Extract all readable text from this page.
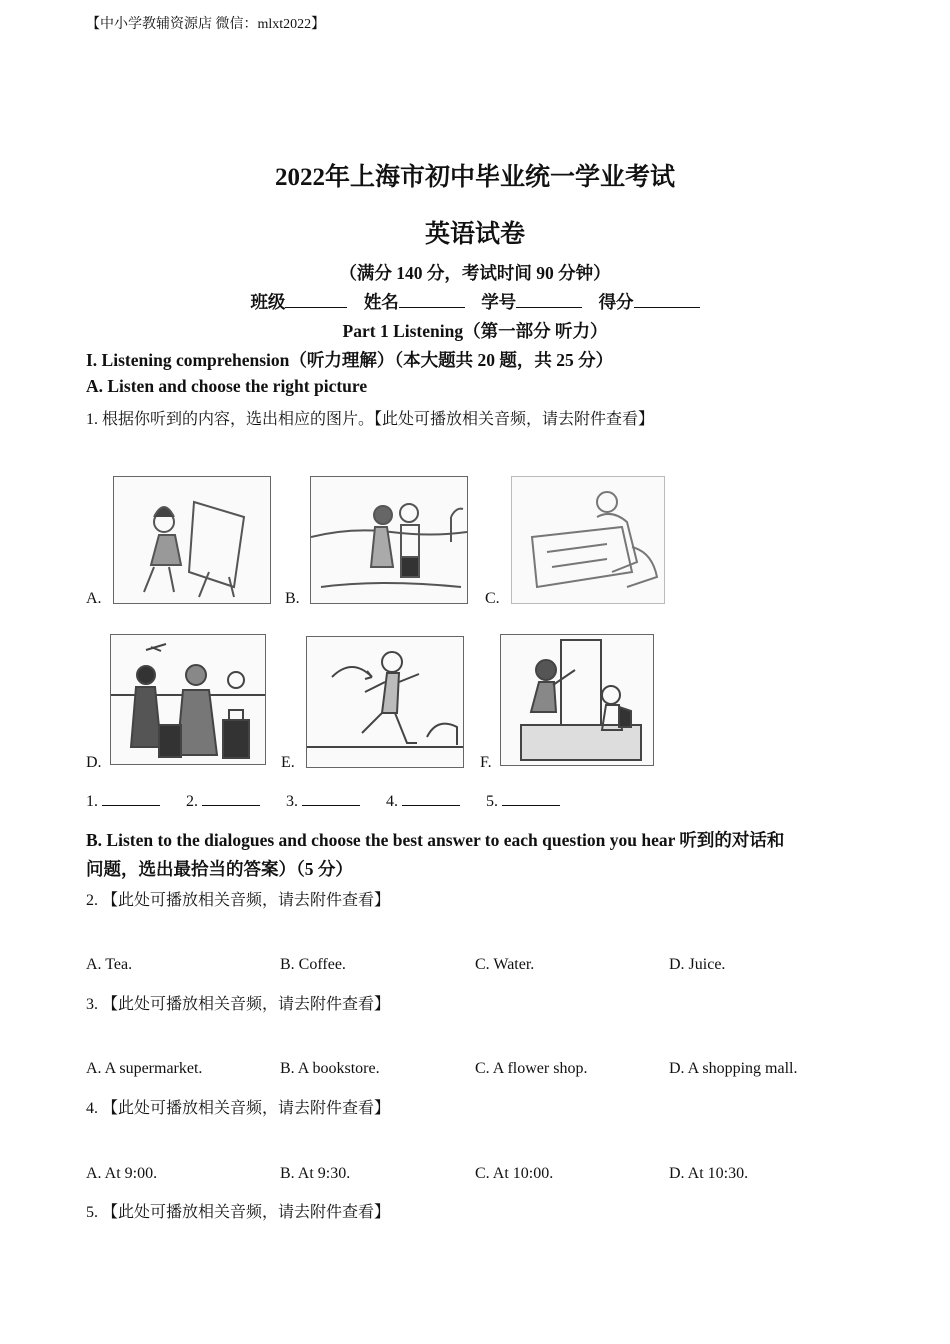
【中小学教辅资源店 微信：mlxt2022】
2022年上海市初中毕业统一学业考试
英语试卷
（满分 140 分，考试时间 90 分钟）
班级	姓名	学号	得分
Part 1 Listening（第一部分 听力）
I. Listening comprehension（听力理解）（本大题共 20 题，共 25 分）
A. Listen and choose the right picture
1. 根据你听到的内容，选出相应的图片。【此处可播放相关音频，请去附件查看】
A.	B.	C.
D.	E.	F.
1.	2.	3.	4.	5.
B. Listen to the dialogues and choose the best answer to each question you hear 听到的对话和
问题，选出最拾当的答案）（5 分）
2. 【此处可播放相关音频，请去附件查看】
A. Tea.	B. Coffee.	C. Water.	D. Juice.
3. 【此处可播放相关音频，请去附件查看】
A. A supermarket.	B. A bookstore.	C. A flower shop.	D. A shopping mall.
4. 【此处可播放相关音频，请去附件查看】
A. At 9:00.	B. At 9:30.	C. At 10:00.	D. At 10:30.
5. 【此处可播放相关音频，请去附件查看】
